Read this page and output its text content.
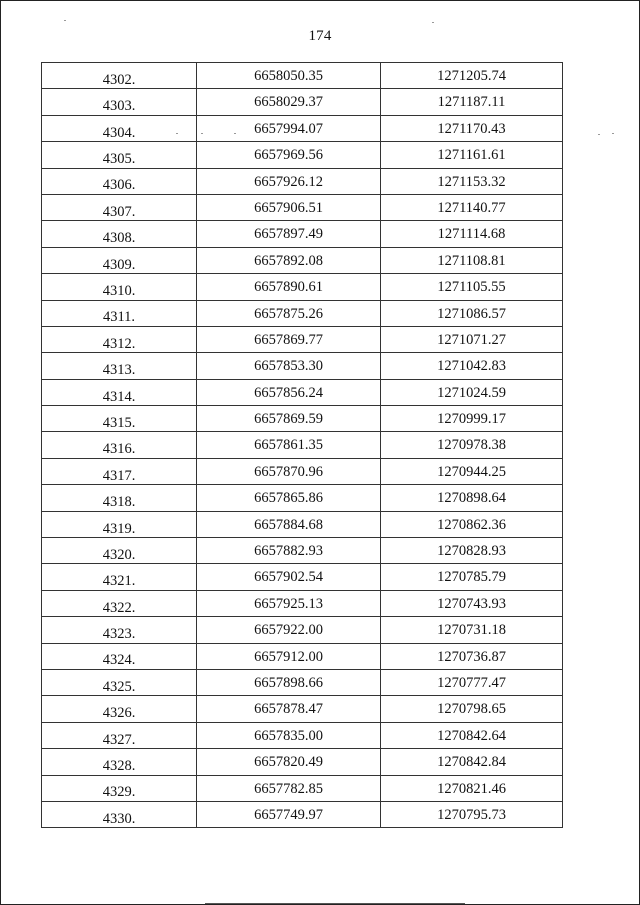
174
4302.	6658050.35	1271205.74
4303.	6658029.37	1271187.11
4304.	6657994.07	1271170.43
4305.	6657969.56	1271161.61
4306.	6657926.12	1271153.32
4307.	6657906.51	1271140.77
4308.	6657897.49	1271114.68
4309.	6657892.08	1271108.81
4310.	6657890.61	1271105.55
4311.	6657875.26	1271086.57
4312.	6657869.77	1271071.27
4313.	6657853.30	1271042.83
4314.	6657856.24	1271024.59
4315.	6657869.59	1270999.17
4316.	6657861.35	1270978.38
4317.	6657870.96	1270944.25
4318.	6657865.86	1270898.64
4319.	6657884.68	1270862.36
4320.	6657882.93	1270828.93
4321.	6657902.54	1270785.79
4322.	6657925.13	1270743.93
4323.	6657922.00	1270731.18
4324.	6657912.00	1270736.87
4325.	6657898.66	1270777.47
4326.	6657878.47	1270798.65
4327.	6657835.00	1270842.64
4328.	6657820.49	1270842.84
4329.	6657782.85	1270821.46
4330.	6657749.97	1270795.73
